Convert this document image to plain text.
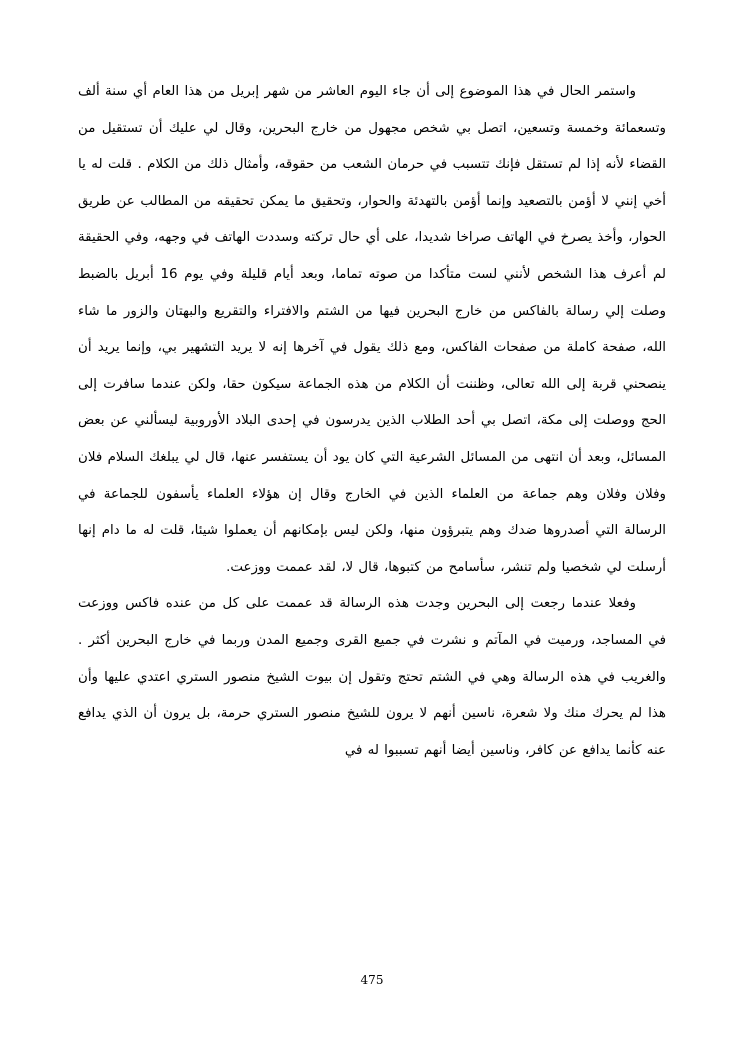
واستمر الحال في هذا الموضوع إلى أن جاء اليوم العاشر من شهر إبريل من هذا العام أي سنة ألف وتسعمائة وخمسة وتسعين، اتصل بي شخص مجهول من خارج البحرين، وقال لي عليك أن تستقيل من القضاء لأنه إذا لم تستقل فإنك تتسبب في حرمان الشعب من حقوقه، وأمثال ذلك من الكلام . قلت له يا أخي إنني لا أؤمن بالتصعيد وإنما أؤمن بالتهدئة والحوار، وتحقيق ما يمكن تحقيقه من المطالب عن طريق الحوار، وأخذ يصرخ في الهاتف صراخا شديدا، على أي حال تركته وسددت الهاتف في وجهه، وفي الحقيقة لم أعرف هذا الشخص لأنني لست متأكدا من صوته تماما، وبعد أيام قليلة وفي يوم 16 أبريل بالضبط وصلت إلي رسالة بالفاكس من خارج البحرين فيها من الشتم والافتراء والتقريع والبهتان والزور ما شاء الله، صفحة كاملة من صفحات الفاكس، ومع ذلك يقول في آخرها إنه لا يريد التشهير بي، وإنما يريد أن ينصحني قربة إلى الله تعالى، وظننت أن الكلام من هذه الجماعة سيكون حقا، ولكن عندما سافرت إلى الحج ووصلت إلى مكة، اتصل بي أحد الطلاب الذين يدرسون في إحدى البلاد الأوروبية ليسألني عن بعض المسائل، وبعد أن انتهى من المسائل الشرعية التي كان يود أن يستفسر عنها، قال لي يبلغك السلام فلان وفلان وفلان وهم جماعة من العلماء الذين في الخارج وقال إن هؤلاء العلماء يأسفون للجماعة في الرسالة التي أصدروها ضدك وهم يتبرؤون منها، ولكن ليس بإمكانهم أن يعملوا شيئا، قلت له ما دام إنها أرسلت لي شخصيا ولم تنشر، سأسامح من كتبوها، قال لا، لقد عممت ووزعت.

وفعلا عندما رجعت إلى البحرين وجدت هذه الرسالة قد عممت على كل من عنده فاكس ووزعت في المساجد، ورميت في المآتم و نشرت في جميع القرى وجميع المدن وربما في خارج البحرين أكثر . والغريب في هذه الرسالة وهي في الشتم تحتج وتقول إن بيوت الشيخ منصور الستري اعتدي عليها وأن هذا لم يحرك منك ولا شعرة، ناسين أنهم لا يرون للشيخ منصور الستري حرمة، بل يرون أن الذي يدافع عنه كأنما يدافع عن كافر، وناسين أيضا أنهم تسببوا له في

475
